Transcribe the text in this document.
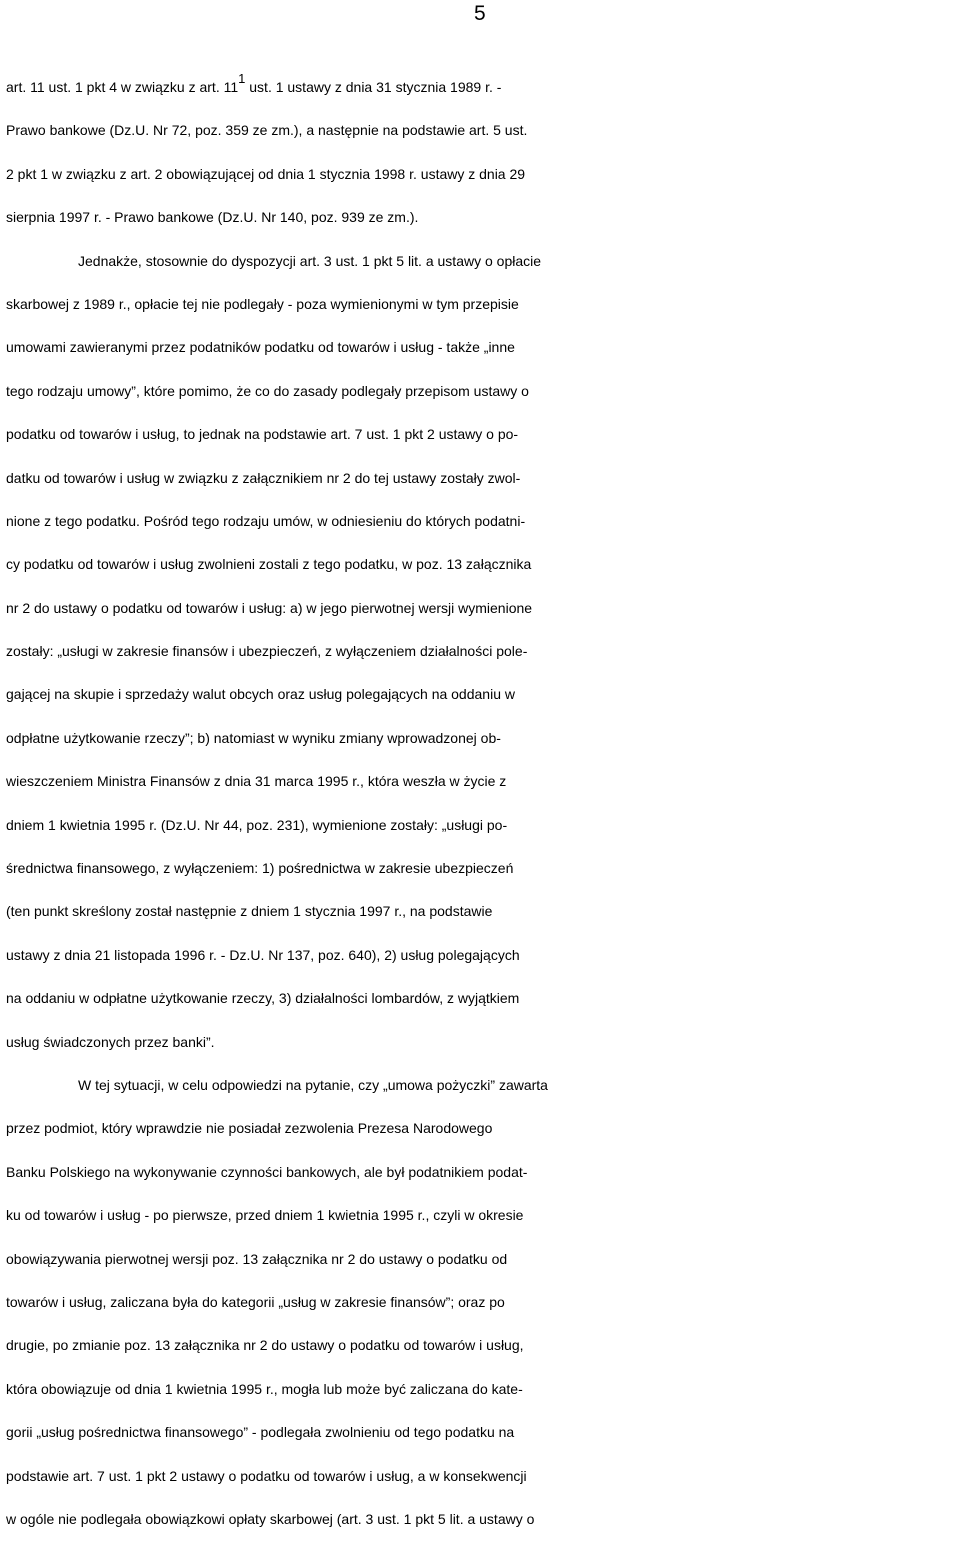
5
art. 11 ust. 1 pkt 4 w związku z art. $11^1$ ust. 1 ustawy z dnia 31 stycznia 1989 r. -
Prawo bankowe (Dz.U. Nr 72, poz. 359 ze zm.), a następnie na podstawie art. 5 ust.
2 pkt 1 w związku z art. 2 obowiązującej od dnia 1 stycznia 1998 r. ustawy z dnia 29
sierpnia 1997 r. - Prawo bankowe (Dz.U. Nr 140, poz. 939 ze zm.).
Jednakże, stosownie do dyspozycji art. 3 ust. 1 pkt 5 lit. a ustawy o opłacie
skarbowej z 1989 r., opłacie tej nie podlegały - poza wymienionymi w tym przepisie
umowami zawieranymi przez podatników podatku od towarów i usług - także „inne
tego rodzaju umowy”, które pomimo, że co do zasady podlegały przepisom ustawy o
podatku od towarów i usług, to jednak na podstawie art. 7 ust. 1 pkt 2 ustawy o po-
datku od towarów i usług w związku z załącznikiem nr 2 do tej ustawy zostały zwol-
nione z tego podatku. Pośród tego rodzaju umów, w odniesieniu do których podatni-
cy podatku od towarów i usług zwolnieni zostali z tego podatku, w poz. 13 załącznika
nr 2 do ustawy o podatku od towarów i usług: a) w jego pierwotnej wersji wymienione
zostały: „usługi w zakresie finansów i ubezpieczeń, z wyłączeniem działalności pole-
gającej na skupie i sprzedaży walut obcych oraz usług polegających na oddaniu w
odpłatne użytkowanie rzeczy”; b) natomiast w wyniku zmiany wprowadzonej ob-
wieszczeniem Ministra Finansów z dnia 31 marca 1995 r., która weszła w życie z
dniem 1 kwietnia 1995 r. (Dz.U. Nr 44, poz. 231), wymienione zostały: „usługi po-
średnictwa finansowego, z wyłączeniem: 1) pośrednictwa w zakresie ubezpieczeń
(ten punkt skreślony został następnie z dniem 1 stycznia 1997 r., na podstawie
ustawy z dnia 21 listopada 1996 r. - Dz.U. Nr 137, poz. 640), 2) usług polegających
na oddaniu w odpłatne użytkowanie rzeczy, 3) działalności lombardów, z wyjątkiem
usług świadczonych przez banki”.
W tej sytuacji, w celu odpowiedzi na pytanie, czy „umowa pożyczki” zawarta
przez podmiot, który wprawdzie nie posiadał zezwolenia Prezesa Narodowego
Banku Polskiego na wykonywanie czynności bankowych, ale był podatnikiem podat-
ku od towarów i usług - po pierwsze, przed dniem 1 kwietnia 1995 r., czyli w okresie
obowiązywania pierwotnej wersji poz. 13 załącznika nr 2 do ustawy o podatku od
towarów i usług, zaliczana była do kategorii „usług w zakresie finansów”; oraz po
drugie, po zmianie poz. 13 załącznika nr 2 do ustawy o podatku od towarów i usług,
która obowiązuje od dnia 1 kwietnia 1995 r., mogła lub może być zaliczana do kate-
gorii „usług pośrednictwa finansowego” - podlegała zwolnieniu od tego podatku na
podstawie art. 7 ust. 1 pkt 2 ustawy o podatku od towarów i usług, a w konsekwencji
w ogóle nie podlegała obowiązkowi opłaty skarbowej (art. 3 ust. 1 pkt 5 lit. a ustawy o
